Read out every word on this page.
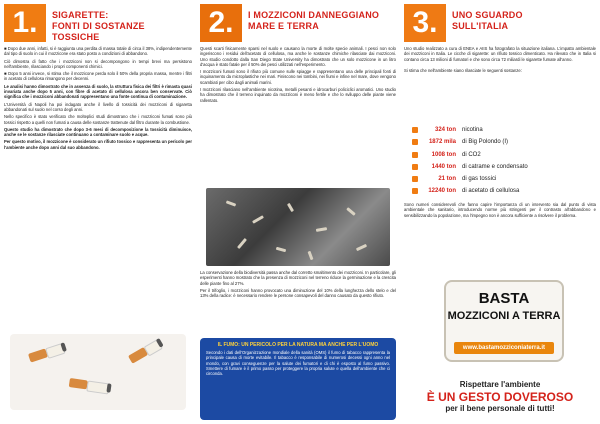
1.	SIGARETTE:
FONTI DI SOSTANZE TOSSICHE

■ Dopo due anni, infatti, si è raggiunta una perdita di massa totale di circa il 38%, indipendentemente dal tipo di suolo in cui il mozzicone era stato posto a condizioni di abbandono.

Ciò dimostra di fatto che i mozziconi non si decompongono in tempi brevi ma persistono nell'ambiente, rilasciando i propri componenti chimici.

■ Dopo 5 anni invece, si stima che il mozzicone perda solo il 50% della propria massa, mentre i filtri in acetato di cellulosa rimangono per decenni.

Le analisi hanno dimostrato che in assenza di suolo, la struttura fisica dei filtri è rimasta quasi invariata anche dopo 5 anni, con fibre di acetato di cellulosa ancora ben conservate. Ciò significa che i mozziconi abbandonati rappresentano una fonte continua di contaminazione.

L'Università di Napoli ha poi indagato anche il livello di tossicità dei mozziconi di sigaretta abbandonati sul suolo nel corso degli anni.

Nello specifico è stato verificato che molteplici studi dimostrano che i mozziconi fumati sono più tossici rispetto a quelli non fumati a causa delle sostanze trattenute dal filtro durante la combustione.

Questo studio ha dimostrato che dopo 3-6 mesi di decomposizione la tossicità diminuisce, anche se le sostanze rilasciate continuano a contaminare suolo e acque.

Per questo motivo, il mozzicone è considerato un rifiuto tossico e rappresenta un pericolo per l'ambiente anche dopo anni dal suo abbandono.

2.	I MOZZICONI DANNEGGIANO
MARE E TERRA

Questi scarti fisicamente sparsi nel suolo e causano la morte di molte specie animali. I pesci non solo ingeriscono i residui dell'acetato di cellulosa, ma anche le sostanze chimiche rilasciate dai mozziconi. Uno studio condotto dalla San Diego State University ha dimostrato che un solo mozzicone in un litro d'acqua è stato fatale per il 50% dei pesci utilizzati nell'esperimento.

I mozziconi fumati sono il rifiuto più comune sulle spiagge e rappresentano una delle principali fonti di inquinamento da microplastiche nei mari. Finiscono nei tombini, nei fiumi e infine nel mare, dove vengono scambiati per cibo dagli animali marini.

I mozziconi rilasciano nell'ambiente nicotina, metalli pesanti e idrocarburi policiclici aromatici. Uno studio ha dimostrato che il terreno inquinato da mozziconi è meno fertile e che lo sviluppo delle piante viene rallentato.

La conservazione della biodiversità passa anche dal corretto smaltimento dei mozziconi. In particolare, gli esperimenti hanno mostrato che la presenza di mozziconi nel terreno riduce la germinazione e la crescita delle piante fino al 27%.

Per il trifoglio, i mozziconi hanno provocato una diminuzione del 10% della lunghezza dello stelo e del 13% della radice: è necessario rendere le persone consapevoli del danno causato da questo rifiuto.

IL FUMO: UN PERICOLO PER LA NATURA MA ANCHE PER L'UOMO
Secondo i dati dell'Organizzazione mondiale della sanità (OMS) il fumo di tabacco rappresenta la principale causa di morte evitabile. Il tabacco è responsabile di numerosi decessi ogni anno nel mondo, con gravi conseguenze per la salute dei fumatori e di chi è esposto al fumo passivo. Smettere di fumare è il primo passo per proteggere la propria salute e quella dell'ambiente che ci circonda.
3.	UNO SGUARDO
SULL'ITALIA

Uno studio realizzato a cura di ENEA e AIIS ha fotografato la situazione italiana. L'impatto ambientale dei mozziconi in Italia. Le cicche di sigarette: un rifiuto tossico dimenticato. Ha rilevato che in Italia si contano circa 13 milioni di fumatori e che sono circa 72 miliardi le sigarette fumate all'anno.

Si stima che nell'ambiente siano rilasciate le seguenti sostanze:

324 ton nicotina
1872 mila di Big Polondo (I)
1008 ton di CO2
1440 ton di catrame e condensato
21 ton di gas tossici
12240 ton di acetato di cellulosa

Sono numeri considerevoli che fanno capire l'importanza di un intervento sia dal punto di vista ambientale che sanitario, introducendo norme più stringenti per il contrasto all'abbandono e sensibilizzando la popolazione, ma l'impegno non è ancora sufficiente a risolvere il problema.

BASTA
MOZZICONI A TERRA
www.bastamozziconiaterra.it
Rispettare l'ambiente
È UN GESTO DOVEROSO
per il bene personale di tutti!
